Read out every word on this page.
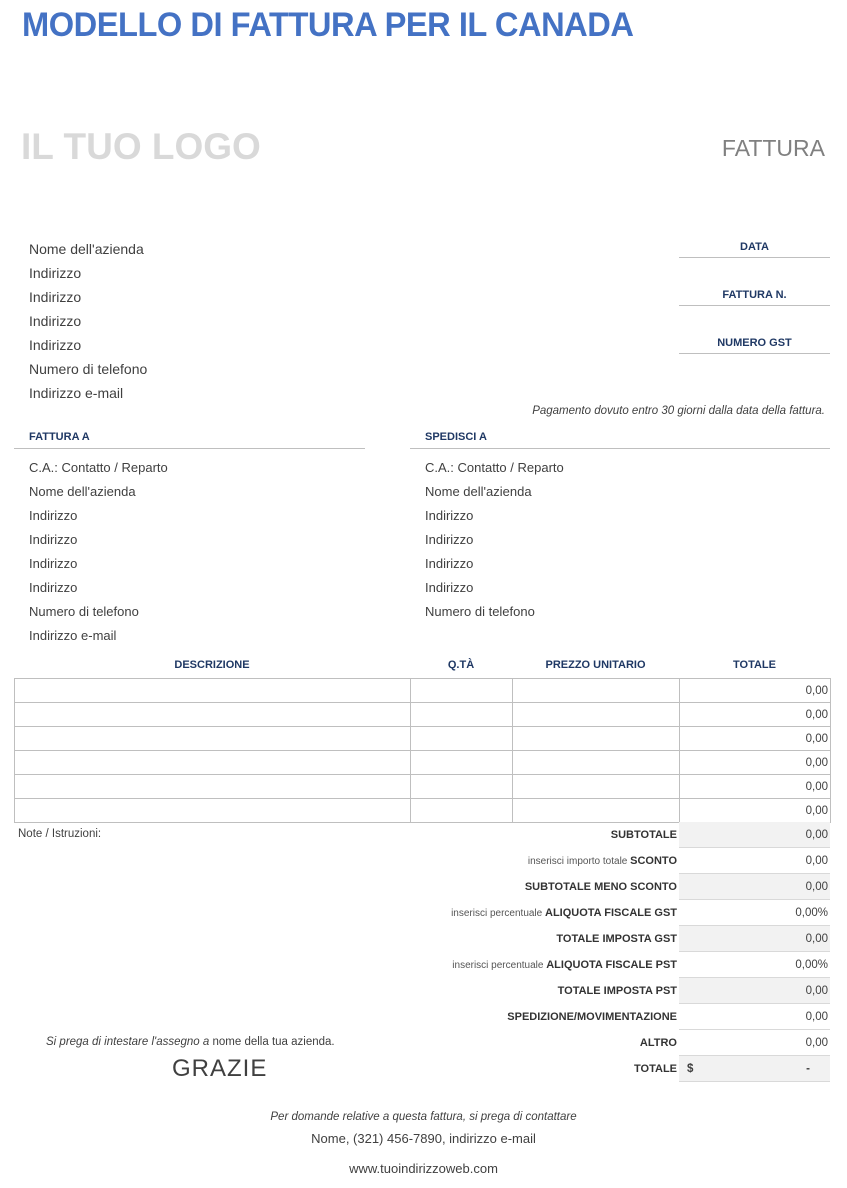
MODELLO DI FATTURA PER IL CANADA
IL TUO LOGO	FATTURA
Nome dell'azienda
Indirizzo
Indirizzo
Indirizzo
Indirizzo
Numero di telefono
Indirizzo e-mail
DATA
FATTURA N.
NUMERO GST
Pagamento dovuto entro 30 giorni dalla data della fattura.
FATTURA A	SPEDISCI A
C.A.: Contatto / Reparto
Nome dell'azienda
Indirizzo
Indirizzo
Indirizzo
Indirizzo
Numero di telefono
Indirizzo e-mail
C.A.: Contatto / Reparto
Nome dell'azienda
Indirizzo
Indirizzo
Indirizzo
Indirizzo
Numero di telefono
DESCRIZIONE	Q.TÀ	PREZZO UNITARIO	TOTALE
			0,00
			0,00
			0,00
			0,00
			0,00
			0,00
Note / Istruzioni:	SUBTOTALE	0,00
inserisci importo totale SCONTO	0,00
SUBTOTALE MENO SCONTO	0,00
inserisci percentuale ALIQUOTA FISCALE GST	0,00%
TOTALE IMPOSTA GST	0,00
inserisci percentuale ALIQUOTA FISCALE PST	0,00%
TOTALE IMPOSTA PST	0,00
SPEDIZIONE/MOVIMENTAZIONE	0,00
ALTRO	0,00
TOTALE $	-
Si prega di intestare l'assegno a nome della tua azienda.
GRAZIE
Per domande relative a questa fattura, si prega di contattare
Nome, (321) 456-7890, indirizzo e-mail
www.tuoindirizzoweb.com
